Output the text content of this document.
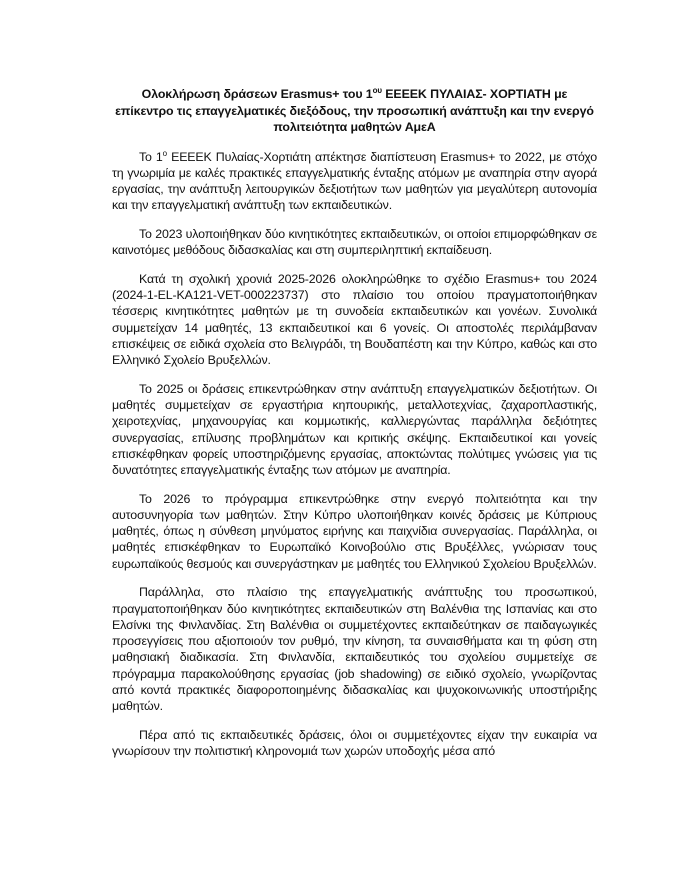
Ολοκλήρωση δράσεων Erasmus+ του $1^{o\upsilon}$ ΕΕΕΕΚ ΠΥΛΑΙΑΣ- ΧΟΡΤΙΑΤΗ με επίκεντρο τις επαγγελματικές διεξόδους, την προσωπική ανάπτυξη και την ενεργό πολιτειότητα μαθητών ΑμεΑ

Το $1^o$ ΕΕΕΕΚ Πυλαίας-Χορτιάτη απέκτησε διαπίστευση Erasmus+ το 2022, με στόχο τη γνωριμία με καλές πρακτικές επαγγελματικής ένταξης ατόμων με αναπηρία στην αγορά εργασίας, την ανάπτυξη λειτουργικών δεξιοτήτων των μαθητών για μεγαλύτερη αυτονομία και την επαγγελματική ανάπτυξη των εκπαιδευτικών.

Το 2023 υλοποιήθηκαν δύο κινητικότητες εκπαιδευτικών, οι οποίοι επιμορφώθηκαν σε καινοτόμες μεθόδους διδασκαλίας και στη συμπεριληπτική εκπαίδευση.

Κατά τη σχολική χρονιά 2025-2026 ολοκληρώθηκε το σχέδιο Erasmus+ του 2024 (2024-1-EL-KA121-VET-000223737) στο πλαίσιο του οποίου πραγματοποιήθηκαν τέσσερις κινητικότητες μαθητών με τη συνοδεία εκπαιδευτικών και γονέων. Συνολικά συμμετείχαν 14 μαθητές, 13 εκπαιδευτικοί και 6 γονείς. Οι αποστολές περιλάμβαναν επισκέψεις σε ειδικά σχολεία στο Βελιγράδι, τη Βουδαπέστη και την Κύπρο, καθώς και στο Ελληνικό Σχολείο Βρυξελλών.

Το 2025 οι δράσεις επικεντρώθηκαν στην ανάπτυξη επαγγελματικών δεξιοτήτων. Οι μαθητές συμμετείχαν σε εργαστήρια κηπουρικής, μεταλλοτεχνίας, ζαχαροπλαστικής, χειροτεχνίας, μηχανουργίας και κομμωτικής, καλλιεργώντας παράλληλα δεξιότητες συνεργασίας, επίλυσης προβλημάτων και κριτικής σκέψης. Εκπαιδευτικοί και γονείς επισκέφθηκαν φορείς υποστηριζόμενης εργασίας, αποκτώντας πολύτιμες γνώσεις για τις δυνατότητες επαγγελματικής ένταξης των ατόμων με αναπηρία.

Το 2026 το πρόγραμμα επικεντρώθηκε στην ενεργό πολιτειότητα και την αυτοσυνηγορία των μαθητών. Στην Κύπρο υλοποιήθηκαν κοινές δράσεις με Κύπριους μαθητές, όπως η σύνθεση μηνύματος ειρήνης και παιχνίδια συνεργασίας. Παράλληλα, οι μαθητές επισκέφθηκαν το Ευρωπαϊκό Κοινοβούλιο στις Βρυξέλλες, γνώρισαν τους ευρωπαϊκούς θεσμούς και συνεργάστηκαν με μαθητές του Ελληνικού Σχολείου Βρυξελλών.

Παράλληλα, στο πλαίσιο της επαγγελματικής ανάπτυξης του προσωπικού, πραγματοποιήθηκαν δύο κινητικότητες εκπαιδευτικών στη Βαλένθια της Ισπανίας και στο Ελσίνκι της Φινλανδίας. Στη Βαλένθια οι συμμετέχοντες εκπαιδεύτηκαν σε παιδαγωγικές προσεγγίσεις που αξιοποιούν τον ρυθμό, την κίνηση, τα συναισθήματα και τη φύση στη μαθησιακή διαδικασία. Στη Φινλανδία, εκπαιδευτικός του σχολείου συμμετείχε σε πρόγραμμα παρακολούθησης εργασίας (job shadowing) σε ειδικό σχολείο, γνωρίζοντας από κοντά πρακτικές διαφοροποιημένης διδασκαλίας και ψυχοκοινωνικής υποστήριξης μαθητών.

Πέρα από τις εκπαιδευτικές δράσεις, όλοι οι συμμετέχοντες είχαν την ευκαιρία να γνωρίσουν την πολιτιστική κληρονομιά των χωρών υποδοχής μέσα από
